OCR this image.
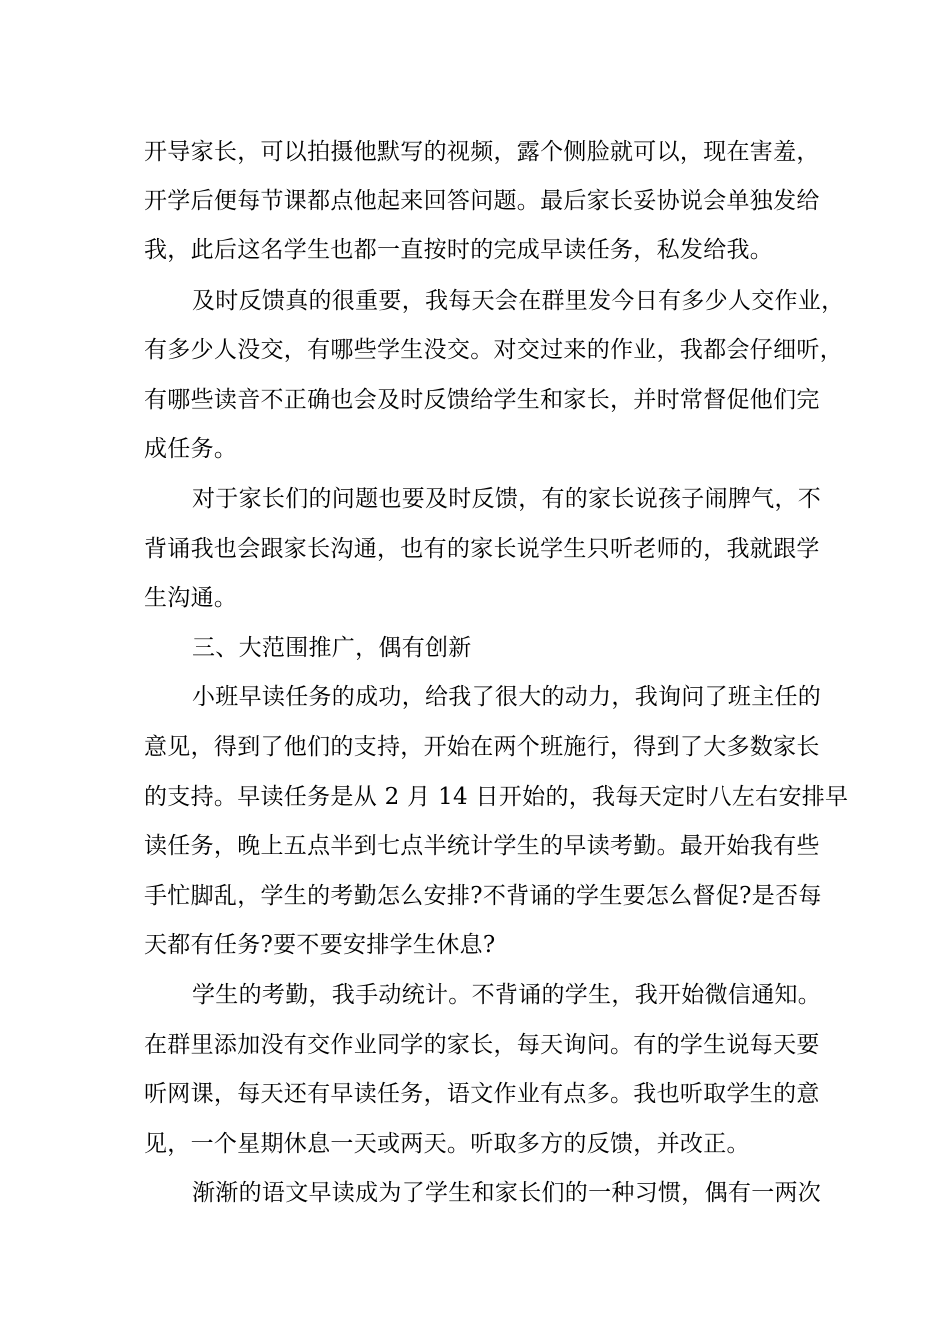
开导家长，可以拍摄他默写的视频，露个侧脸就可以，现在害羞，

开学后便每节课都点他起来回答问题。最后家长妥协说会单独发给

我，此后这名学生也都一直按时的完成早读任务，私发给我。

及时反馈真的很重要，我每天会在群里发今日有多少人交作业，

有多少人没交，有哪些学生没交。对交过来的作业，我都会仔细听，

有哪些读音不正确也会及时反馈给学生和家长，并时常督促他们完

成任务。

对于家长们的问题也要及时反馈，有的家长说孩子闹脾气，不

背诵我也会跟家长沟通，也有的家长说学生只听老师的，我就跟学

生沟通。

三、大范围推广，偶有创新

小班早读任务的成功，给我了很大的动力，我询问了班主任的

意见，得到了他们的支持，开始在两个班施行，得到了大多数家长

的支持。早读任务是从 2 月 14 日开始的，我每天定时八左右安排早

读任务，晚上五点半到七点半统计学生的早读考勤。最开始我有些

手忙脚乱，学生的考勤怎么安排?不背诵的学生要怎么督促?是否每

天都有任务?要不要安排学生休息?

学生的考勤，我手动统计。不背诵的学生，我开始微信通知。

在群里添加没有交作业同学的家长，每天询问。有的学生说每天要

听网课，每天还有早读任务，语文作业有点多。我也听取学生的意

见，一个星期休息一天或两天。听取多方的反馈，并改正。

渐渐的语文早读成为了学生和家长们的一种习惯，偶有一两次
